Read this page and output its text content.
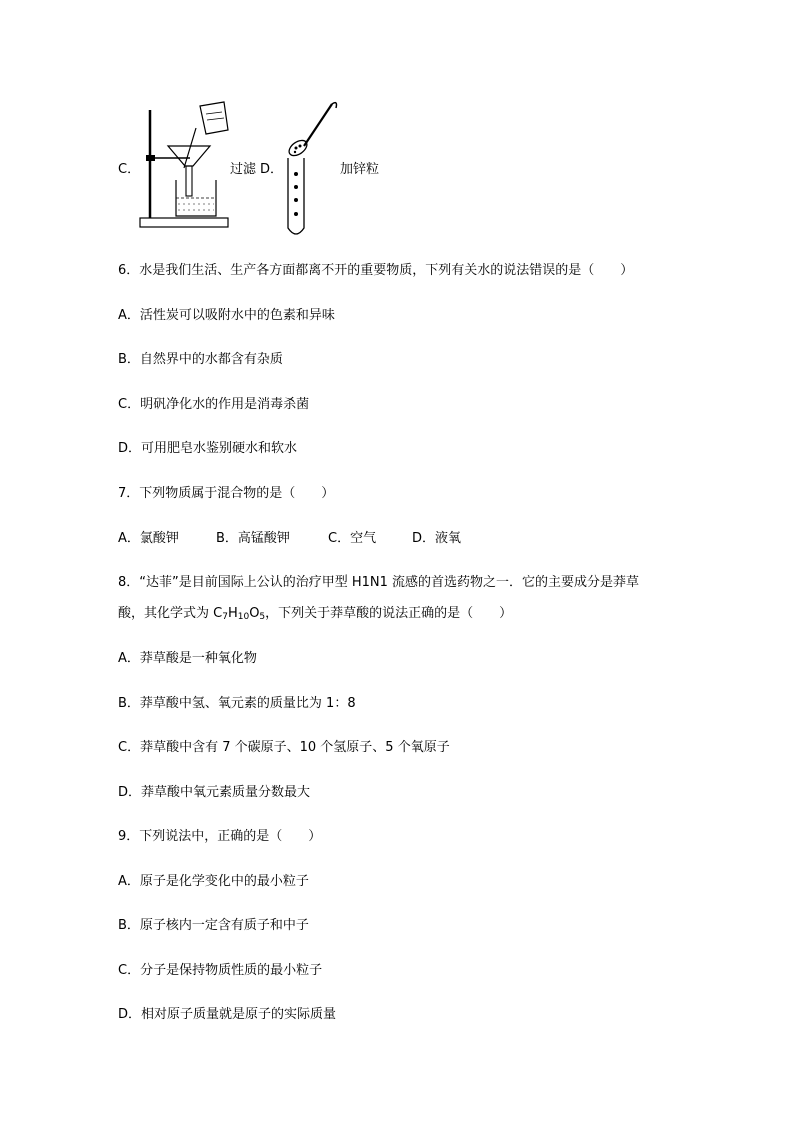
C．	过滤 D．	加锌粒
6．水是我们生活、生产各方面都离不开的重要物质，下列有关水的说法错误的是（　　）
A．活性炭可以吸附水中的色素和异味
B．自然界中的水都含有杂质
C．明矾净化水的作用是消毒杀菌
D．可用肥皂水鉴别硬水和软水
7．下列物质属于混合物的是（　　）
A．氯酸钾	B．高锰酸钾	C．空气	D．液氧
8．“达菲”是目前国际上公认的治疗甲型 H1N1 流感的首选药物之一．它的主要成分是莽草
酸，其化学式为 $C_7H_{10}O_5$，下列关于莽草酸的说法正确的是（　　）
A．莽草酸是一种氧化物
B．莽草酸中氢、氧元素的质量比为 1：8
C．莽草酸中含有 7 个碳原子、10 个氢原子、5 个氧原子
D．莽草酸中氧元素质量分数最大
9．下列说法中，正确的是（　　）
A．原子是化学变化中的最小粒子
B．原子核内一定含有质子和中子
C．分子是保持物质性质的最小粒子
D．相对原子质量就是原子的实际质量
